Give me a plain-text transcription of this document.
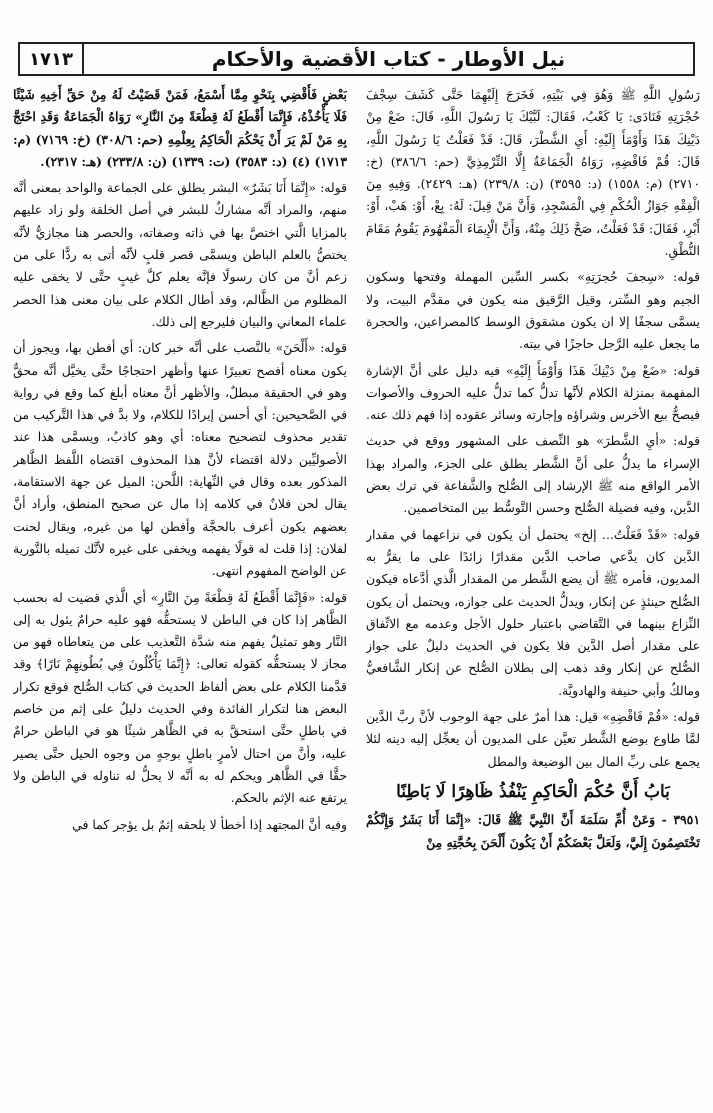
نيل الأوطار - كتاب الأقضية والأحكام
١٧١٣

رَسُولِ اللَّهِ ﷺ وَهُوَ فِي بَيْتِهِ، فَخَرَجَ إِلَيْهِمَا حَتَّى كَشَفَ سِجْفَ حُجْرَتِهِ فَنَادَى: يَا كَعْبُ، فَقَالَ: لَبَّيْكَ يَا رَسُولَ اللَّهِ، قَالَ: ضَعْ مِنْ دَيْنِكَ هَذَا وَأَوْمَأَ إِلَيْهِ: أَيِ الشَّطْرَ، قَالَ: قَدْ فَعَلْتُ يَا رَسُولَ اللَّهِ، قَالَ: قُمْ فَاقْضِهِ، رَوَاهُ الْجَمَاعَةُ إِلَّا التِّرْمِذِيَّ (حم: ٣٨٦/٦) (خ: ٢٧١٠) (م: ١٥٥٨) (د: ٣٥٩٥) (ن: ٢٣٩/٨) (هـ: ٢٤٢٩). وَفِيهِ مِنَ الْفِقْهِ جَوَازُ الْحُكْمِ فِي الْمَسْجِدِ، وَأَنَّ مَنْ قِيلَ: لَهُ: بِعْ، أَوْ: هَبْ، أَوْ: أَبْرِ، فَقَالَ: قَدْ فَعَلْتُ، صَحَّ ذَلِكَ مِنْهُ، وَأَنَّ الْإِيمَاءَ الْمَفْهُومَ يَقُومُ مَقَامَ النُّطْقِ.

قوله: «سِجفَ حُجرَتِهِ» بكسر السِّين المهملة وفتحها وسكون الجيم وهو السِّتر، وقيل الرَّقيق منه يكون في مقدَّم البيت، ولا يسمَّى سجفًا إلا ان يكون مشقوق الوسط كالمصراعين، والحجرة ما يجعل عليه الرَّجل حاجزًا في بيته.

قوله: «ضَعْ مِنْ دَيْنِكَ هَذَا وَأَوْمَأَ إِلَيْهِ» فيه دليل على أنَّ الإشارة المفهمة بمنزلة الكلام لأنَّها تدلُّ كما تدلُّ عليه الحروف والأصوات فيصحُّ بيع الأخرس وشراؤه وإجارته وسائر عقوده إذا فهم ذلك عنه.

قوله: «أيِ الشَّطرَ» هو النِّصف على المشهور ووقع في حديث الإسراء ما يدلُّ على أنَّ الشَّطر يطلق على الجزء، والمراد بهذا الأمر الواقع منه ﷺ الإرشاد إلى الصُّلح والشَّفاعة في ترك بعض الدَّين، وفيه فضيلة الصُّلح وحسن التَّوسُّط بين المتخاصمين.

قوله: «قَدْ فَعَلْتُ... إلخ» يحتمل أن يكون في نزاعهما في مقدار الدَّين كان يدَّعي صاحب الدَّين مقدارًا زائدًا على ما يقرُّ به المديون، فأمره ﷺ أن يضع الشَّطر من المقدار الَّذي أدَّعاه فيكون الصُّلح حينئذٍ عن إنكار، ويدلُّ الحديث على جوازه، ويحتمل أن يكون النِّزاع بينهما في التَّقاضي باعتبار حلول الأجل وعدمه مع الاتِّفاق على مقدار أصل الدَّين فلا يكون في الحديث دليلٌ على جواز الصُّلح عن إنكار وقد ذهب إلى بطلان الصُّلح عن إنكار الشَّافعيُّ ومالكٌ وأبي حنيفة والهادويَّة.

قوله: «قُمْ فَاقْضِهِ» قيل: هذا أمرٌ على جهة الوجوب لأنَّ ربَّ الدَّين لمَّا طاوع بوضع الشَّطر تعيَّن على المديون أن يعجِّل إليه دينه لئلا يجمع على ربِّ المال بين الوضيعة والمطل

بَابُ أَنَّ حُكْمَ الْحَاكِمِ يَنْفُذُ ظَاهِرًا لَا بَاطِنًا

٣٩٥١ - وَعَنْ أُمِّ سَلَمَةَ أَنَّ النَّبِيَّ ﷺ قَالَ: «إِنَّمَا أَنَا بَشَرٌ وَإِنَّكُمْ تَخْتَصِمُونَ إِلَيَّ، وَلَعَلَّ بَعْضَكُمْ أَنْ يَكُونَ أَلْحَنَ بِحُجَّتِهِ مِنْ

بَعْضٍ فَأَقْضِي بِنَحْوِ مِمَّا أَسْمَعُ، فَمَنْ قَضَيْتُ لَهُ مِنْ حَقِّ أَخِيهِ شَيْئًا فَلَا يَأْخُذْهُ، فَإِنَّمَا أَقْطَعُ لَهُ قِطْعَةً مِنَ النَّارِ» رَوَاهُ الْجَمَاعَةُ وَقَدِ احْتَجَّ بِهِ مَنْ لَمْ يَرَ أَنْ يَحْكُمَ الْحَاكِمُ بِعِلْمِهِ (حم: ٣٠٨/٦) (خ: ٧١٦٩) (م: ١٧١٣) (٤) (د: ٣٥٨٣) (ت: ١٣٣٩) (ن: ٢٣٣/٨) (هـ: ٢٣١٧).

قوله: «إِنَّمَا أَنَا بَشَرٌ» البشر يطلق على الجماعة والواحد بمعنى أنَّه منهم، والمراد أنَّه مشاركٌ للبشر في أصل الخلقة ولو زاد عليهم بالمزايا الَّتي اختصَّ بها في ذاته وصفاته، والحصر هنا مجازيٌّ لأنَّه يختصُّ بالعلم الباطن ويسمَّى قصر قلبٍ لأنَّه أتى به ردًّا على من زعم أنَّ من كان رسولًا فإنَّه يعلم كلَّ غيبٍ حتَّى لا يخفى عليه المظلوم من الظَّالم، وقد أطال الكلام على بيان معنى هذا الحصر علماء المعاني والبيان فليرجع إلى ذلك.

قوله: «أَلْحَنَ» بالنَّصب على أنَّه خبر كان: أي أفطن بها، ويجوز أن يكون معناه أفصح تعبيرًا عنها وأظهر احتجاجًا حتَّى يخيَّل أنَّه محقٌّ وهو في الحقيقة مبطلٌ، والأظهر أنَّ معناه أبلغ كما وقع في رواية في الصَّحيحين: أي أحسن إيرادًا للكلام، ولا بدَّ في هذا التَّركيب من تقدير محذوف لتصحيح معناه: أي وهو كاذبٌ، ويسمَّى هذا عند الأصوليِّين دلالة اقتضاء لأنَّ هذا المحذوف اقتضاه اللَّفظ الظَّاهر المذكور بعده وقال في النِّهاية: اللَّحن: الميل عن جهة الاستقامة، يقال لحن فلانٌ في كلامه إذا مال عن صحيح المنطق، وأراد أنَّ بعضهم يكون أعرف بالحجَّة وأفطن لها من غيره، ويقال لحنت لفلان: إذا قلت له قولًا يفهمه ويخفى على غيره لأنَّك تميله بالتَّورية عن الواضح المفهوم انتهى.

قوله: «فَإِنَّمَا أَقْطَعُ لَهُ قِطْعَةً مِنَ النَّارِ» أي الَّذي قضيت له بحسب الظَّاهر إذا كان في الباطن لا يستحقُّه فهو عليه حرامٌ يئول به إلى النَّار وهو تمثيلٌ يفهم منه شدَّة التَّعذيب على من يتعاطاه فهو من مجاز لا يستحقُّه كقوله تعالى: ﴿إِنَّمَا يَأْكُلُونَ فِي بُطُونِهِمْ نَارًا﴾ وقد قدَّمنا الكلام على بعض ألفاظ الحديث في كتاب الصُّلح فوقع تكرار البعض هنا لتكرار الفائدة وفي الحديث دليلٌ على إثم من خاصم في باطلٍ حتَّى استحقَّ به في الظَّاهر شيئًا هو في الباطن حرامٌ عليه، وأنَّ من احتال لأمرٍ باطلٍ بوجهٍ من وجوه الحيل حتَّى يصير حقًّا في الظَّاهر ويحكم له به أنَّه لا يحلُّ له تناوله في الباطن ولا يرتفع عنه الإثم بالحكم.

وفيه أنَّ المجتهد إذا أخطأ لا يلحقه إثمٌ بل يؤجر كما في
